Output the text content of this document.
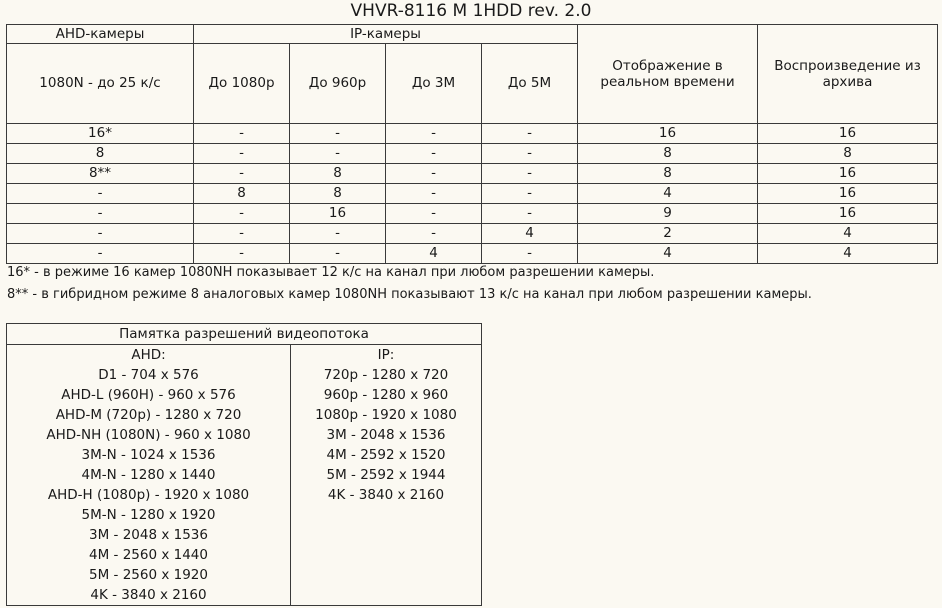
VHVR-8116 M 1HDD rev. 2.0
AHD-камеры	IP-камеры				Отображение в реальном времени	Воспроизведение из архива
1080N - до 25 к/с	До 1080p	До 960p	До 3M	До 5M		
16*	-	-	-	-	16	16
8	-	-	-	-	8	8
8**	-	8	-	-	8	16
-	8	8	-	-	4	16
-	-	16	-	-	9	16
-	-	-	-	4	2	4
-	-	-	4	-	4	4
16* - в режиме 16 камер 1080NH показывает 12 к/с на канал при любом разрешении камеры.
8** - в гибридном режиме 8 аналоговых камер 1080NH показывают 13 к/с на канал при любом разрешении камеры.
Памятка разрешений видеопотока

AHD:
D1 - 704 x 576
AHD-L (960H) - 960 x 576
AHD-M (720p) - 1280 x 720
AHD-NH (1080N) - 960 x 1080
3M-N - 1024 x 1536
4M-N - 1280 x 1440
AHD-H (1080p) - 1920 x 1080
5M-N - 1280 x 1920
3M - 2048 x 1536
4M - 2560 x 1440
5M - 2560 x 1920
4K - 3840 x 2160

IP:
720p - 1280 x 720
960p - 1280 x 960
1080p - 1920 x 1080
3M - 2048 x 1536
4M - 2592 x 1520
5M - 2592 x 1944
4K - 3840 x 2160
